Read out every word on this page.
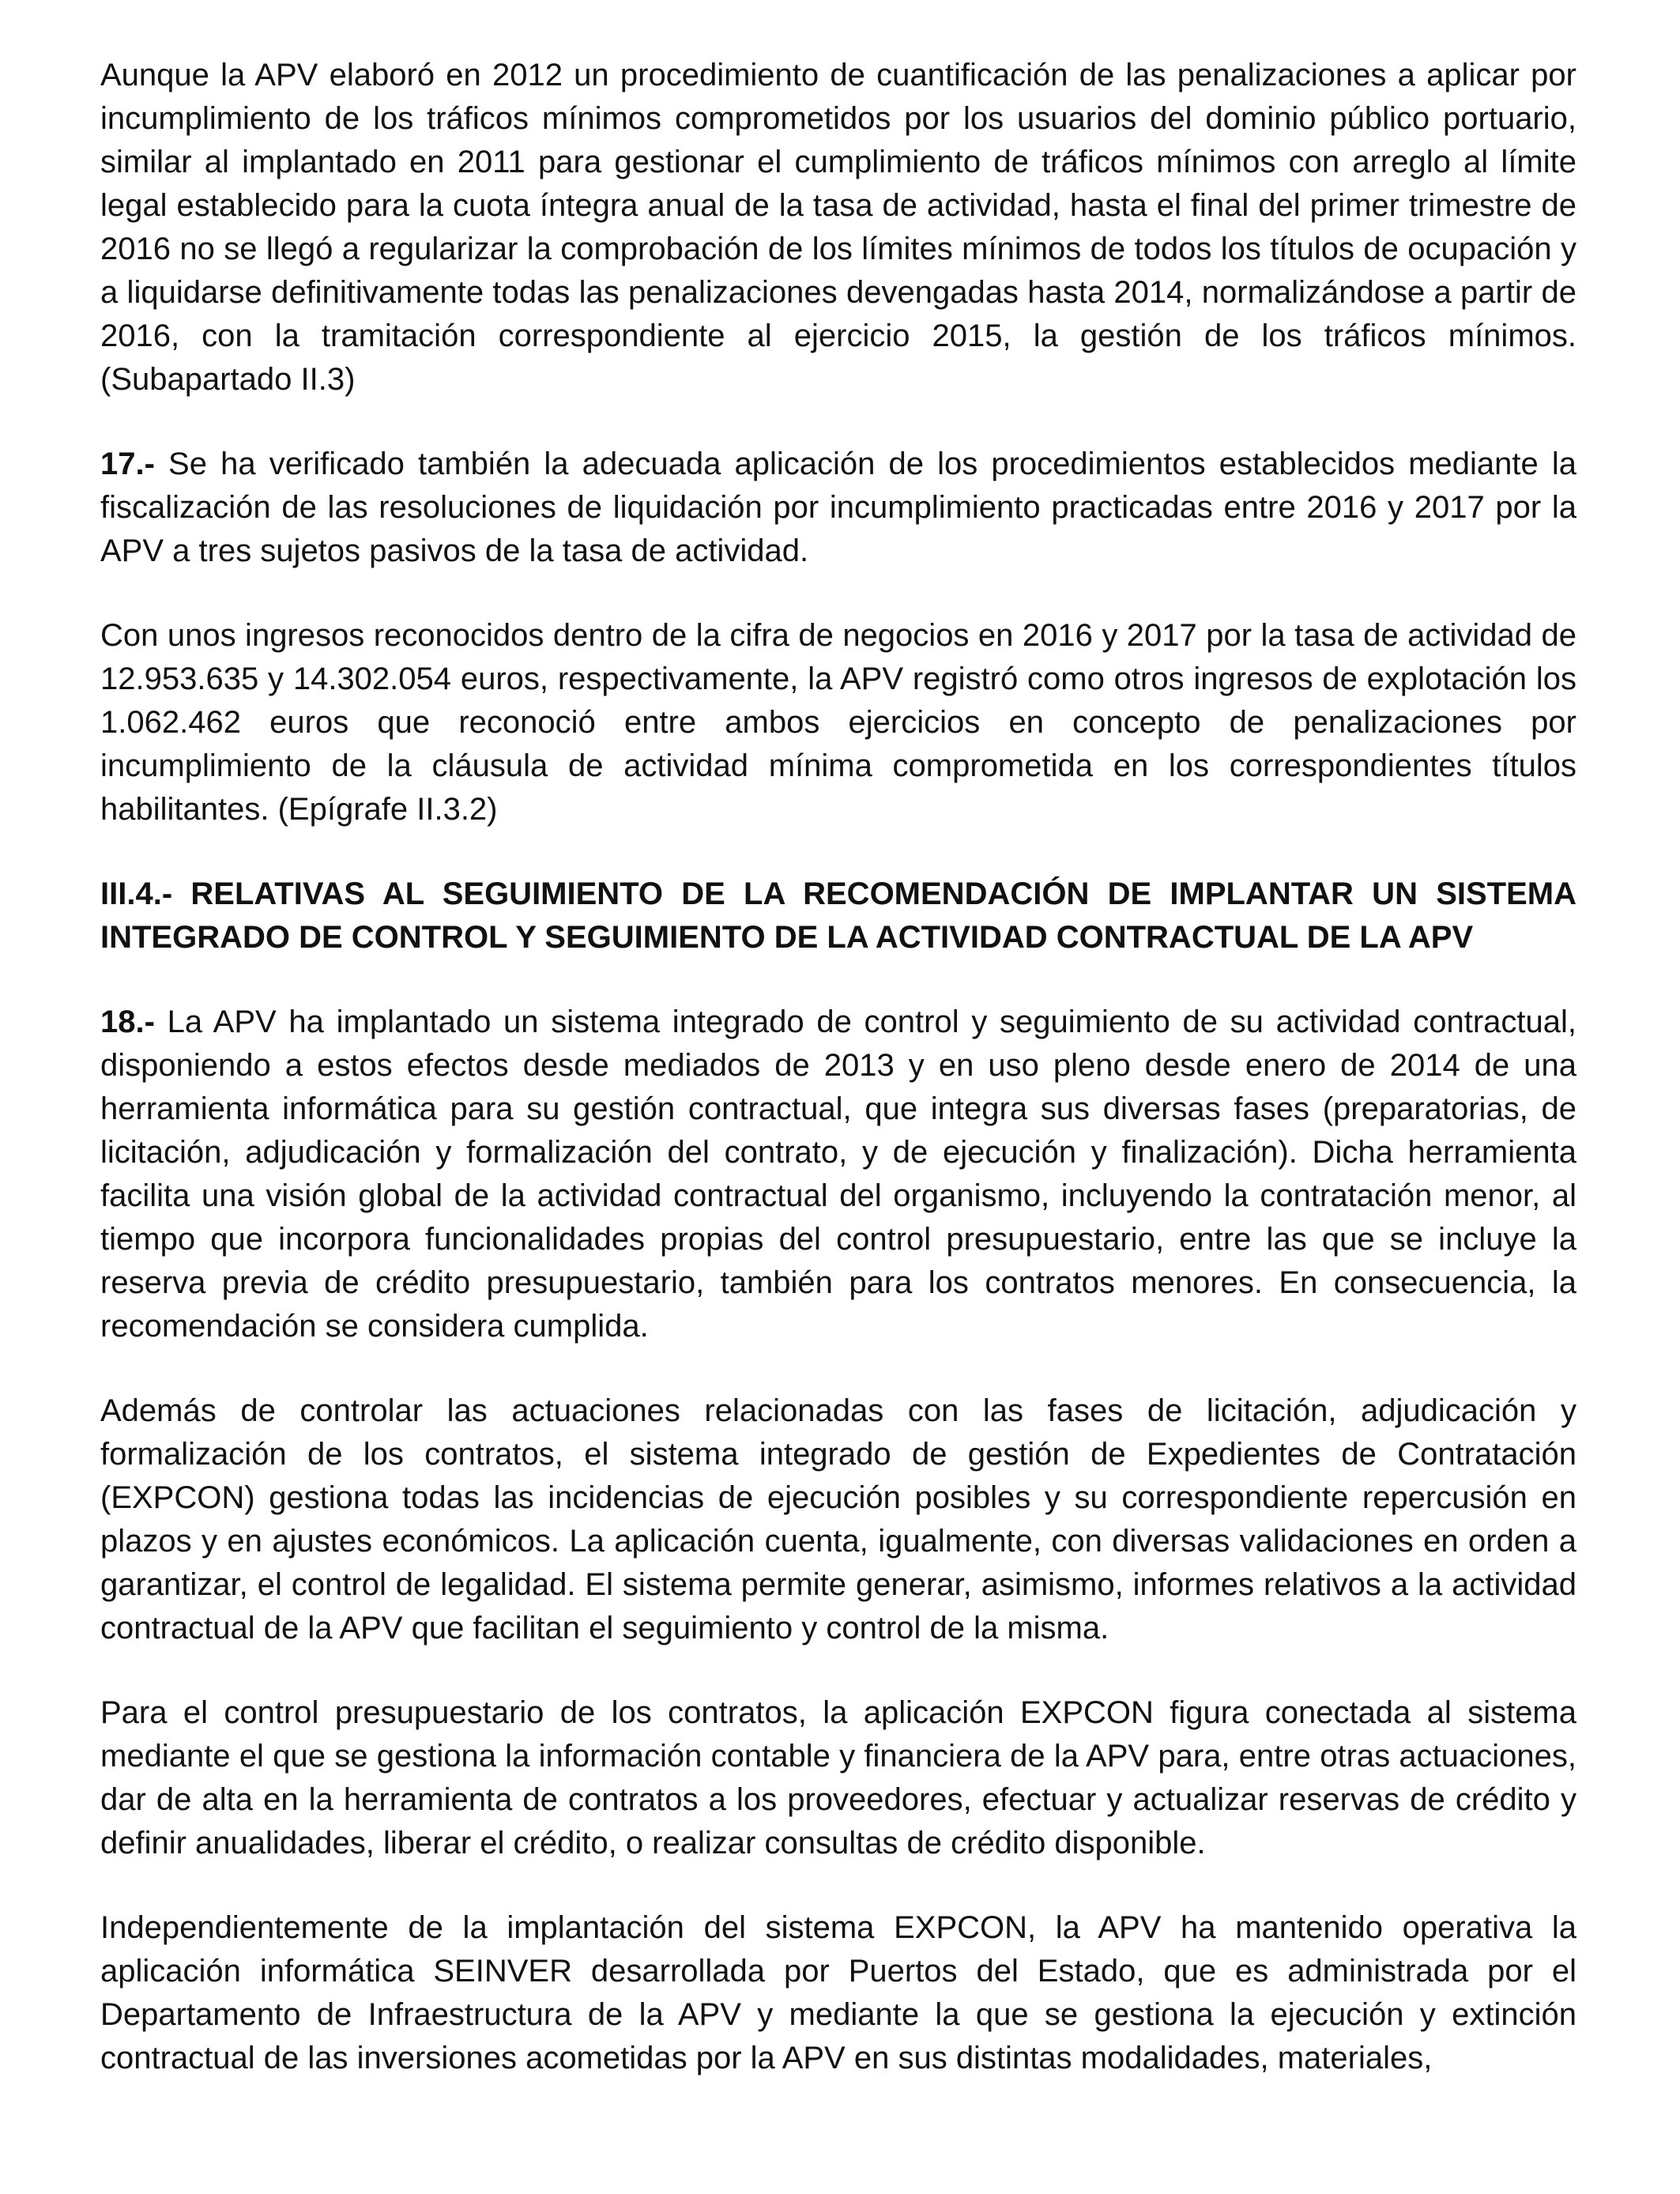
Aunque la APV elaboró en 2012 un procedimiento de cuantificación de las penalizaciones a aplicar por incumplimiento de los tráficos mínimos comprometidos por los usuarios del dominio público portuario, similar al implantado en 2011 para gestionar el cumplimiento de tráficos mínimos con arreglo al límite legal establecido para la cuota íntegra anual de la tasa de actividad, hasta el final del primer trimestre de 2016 no se llegó a regularizar la comprobación de los límites mínimos de todos los títulos de ocupación y a liquidarse definitivamente todas las penalizaciones devengadas hasta 2014, normalizándose a partir de 2016, con la tramitación correspondiente al ejercicio 2015, la gestión de los tráficos mínimos. (Subapartado II.3)

17.- Se ha verificado también la adecuada aplicación de los procedimientos establecidos mediante la fiscalización de las resoluciones de liquidación por incumplimiento practicadas entre 2016 y 2017 por la APV a tres sujetos pasivos de la tasa de actividad.

Con unos ingresos reconocidos dentro de la cifra de negocios en 2016 y 2017 por la tasa de actividad de 12.953.635 y 14.302.054 euros, respectivamente, la APV registró como otros ingresos de explotación los 1.062.462 euros que reconoció entre ambos ejercicios en concepto de penalizaciones por incumplimiento de la cláusula de actividad mínima comprometida en los correspondientes títulos habilitantes. (Epígrafe II.3.2)

III.4.- RELATIVAS AL SEGUIMIENTO DE LA RECOMENDACIÓN DE IMPLANTAR UN SISTEMA INTEGRADO DE CONTROL Y SEGUIMIENTO DE LA ACTIVIDAD CONTRACTUAL DE LA APV

18.- La APV ha implantado un sistema integrado de control y seguimiento de su actividad contractual, disponiendo a estos efectos desde mediados de 2013 y en uso pleno desde enero de 2014 de una herramienta informática para su gestión contractual, que integra sus diversas fases (preparatorias, de licitación, adjudicación y formalización del contrato, y de ejecución y finalización). Dicha herramienta facilita una visión global de la actividad contractual del organismo, incluyendo la contratación menor, al tiempo que incorpora funcionalidades propias del control presupuestario, entre las que se incluye la reserva previa de crédito presupuestario, también para los contratos menores. En consecuencia, la recomendación se considera cumplida.

Además de controlar las actuaciones relacionadas con las fases de licitación, adjudicación y formalización de los contratos, el sistema integrado de gestión de Expedientes de Contratación (EXPCON) gestiona todas las incidencias de ejecución posibles y su correspondiente repercusión en plazos y en ajustes económicos. La aplicación cuenta, igualmente, con diversas validaciones en orden a garantizar, el control de legalidad. El sistema permite generar, asimismo, informes relativos a la actividad contractual de la APV que facilitan el seguimiento y control de la misma.

Para el control presupuestario de los contratos, la aplicación EXPCON figura conectada al sistema mediante el que se gestiona la información contable y financiera de la APV para, entre otras actuaciones, dar de alta en la herramienta de contratos a los proveedores, efectuar y actualizar reservas de crédito y definir anualidades, liberar el crédito, o realizar consultas de crédito disponible.

Independientemente de la implantación del sistema EXPCON, la APV ha mantenido operativa la aplicación informática SEINVER desarrollada por Puertos del Estado, que es administrada por el Departamento de Infraestructura de la APV y mediante la que se gestiona la ejecución y extinción contractual de las inversiones acometidas por la APV en sus distintas modalidades, materiales,
